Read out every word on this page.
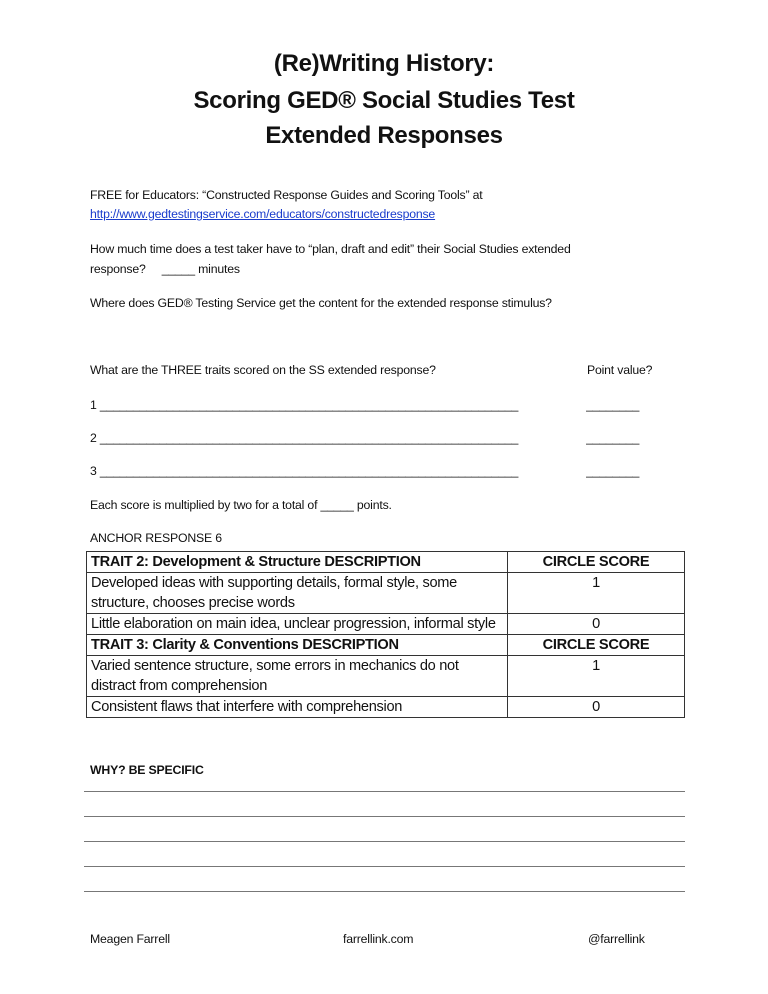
(Re)Writing History:
Scoring GED® Social Studies Test
Extended Responses
FREE for Educators: “Constructed Response Guides and Scoring Tools” at
http://www.gedtestingservice.com/educators/constructedresponse
How much time does a test taker have to “plan, draft and edit” their Social Studies extended
response?     _____ minutes
Where does GED® Testing Service get the content for the extended response stimulus?
What are the THREE traits scored on the SS extended response?	Point value?
1 _______________________________________________________________	________
2 _______________________________________________________________	________
3 _______________________________________________________________	________
Each score is multiplied by two for a total of _____ points.
ANCHOR RESPONSE 6
TRAIT 2: Development & Structure DESCRIPTION	CIRCLE SCORE
Developed ideas with supporting details, formal style, some structure, chooses precise words	1
Little elaboration on main idea, unclear progression, informal style	0
TRAIT 3: Clarity & Conventions DESCRIPTION	CIRCLE SCORE
Varied sentence structure, some errors in mechanics do not distract from comprehension	1
Consistent flaws that interfere with comprehension	0
WHY? BE SPECIFIC
Meagen Farrell	farrellink.com	@farrellink
